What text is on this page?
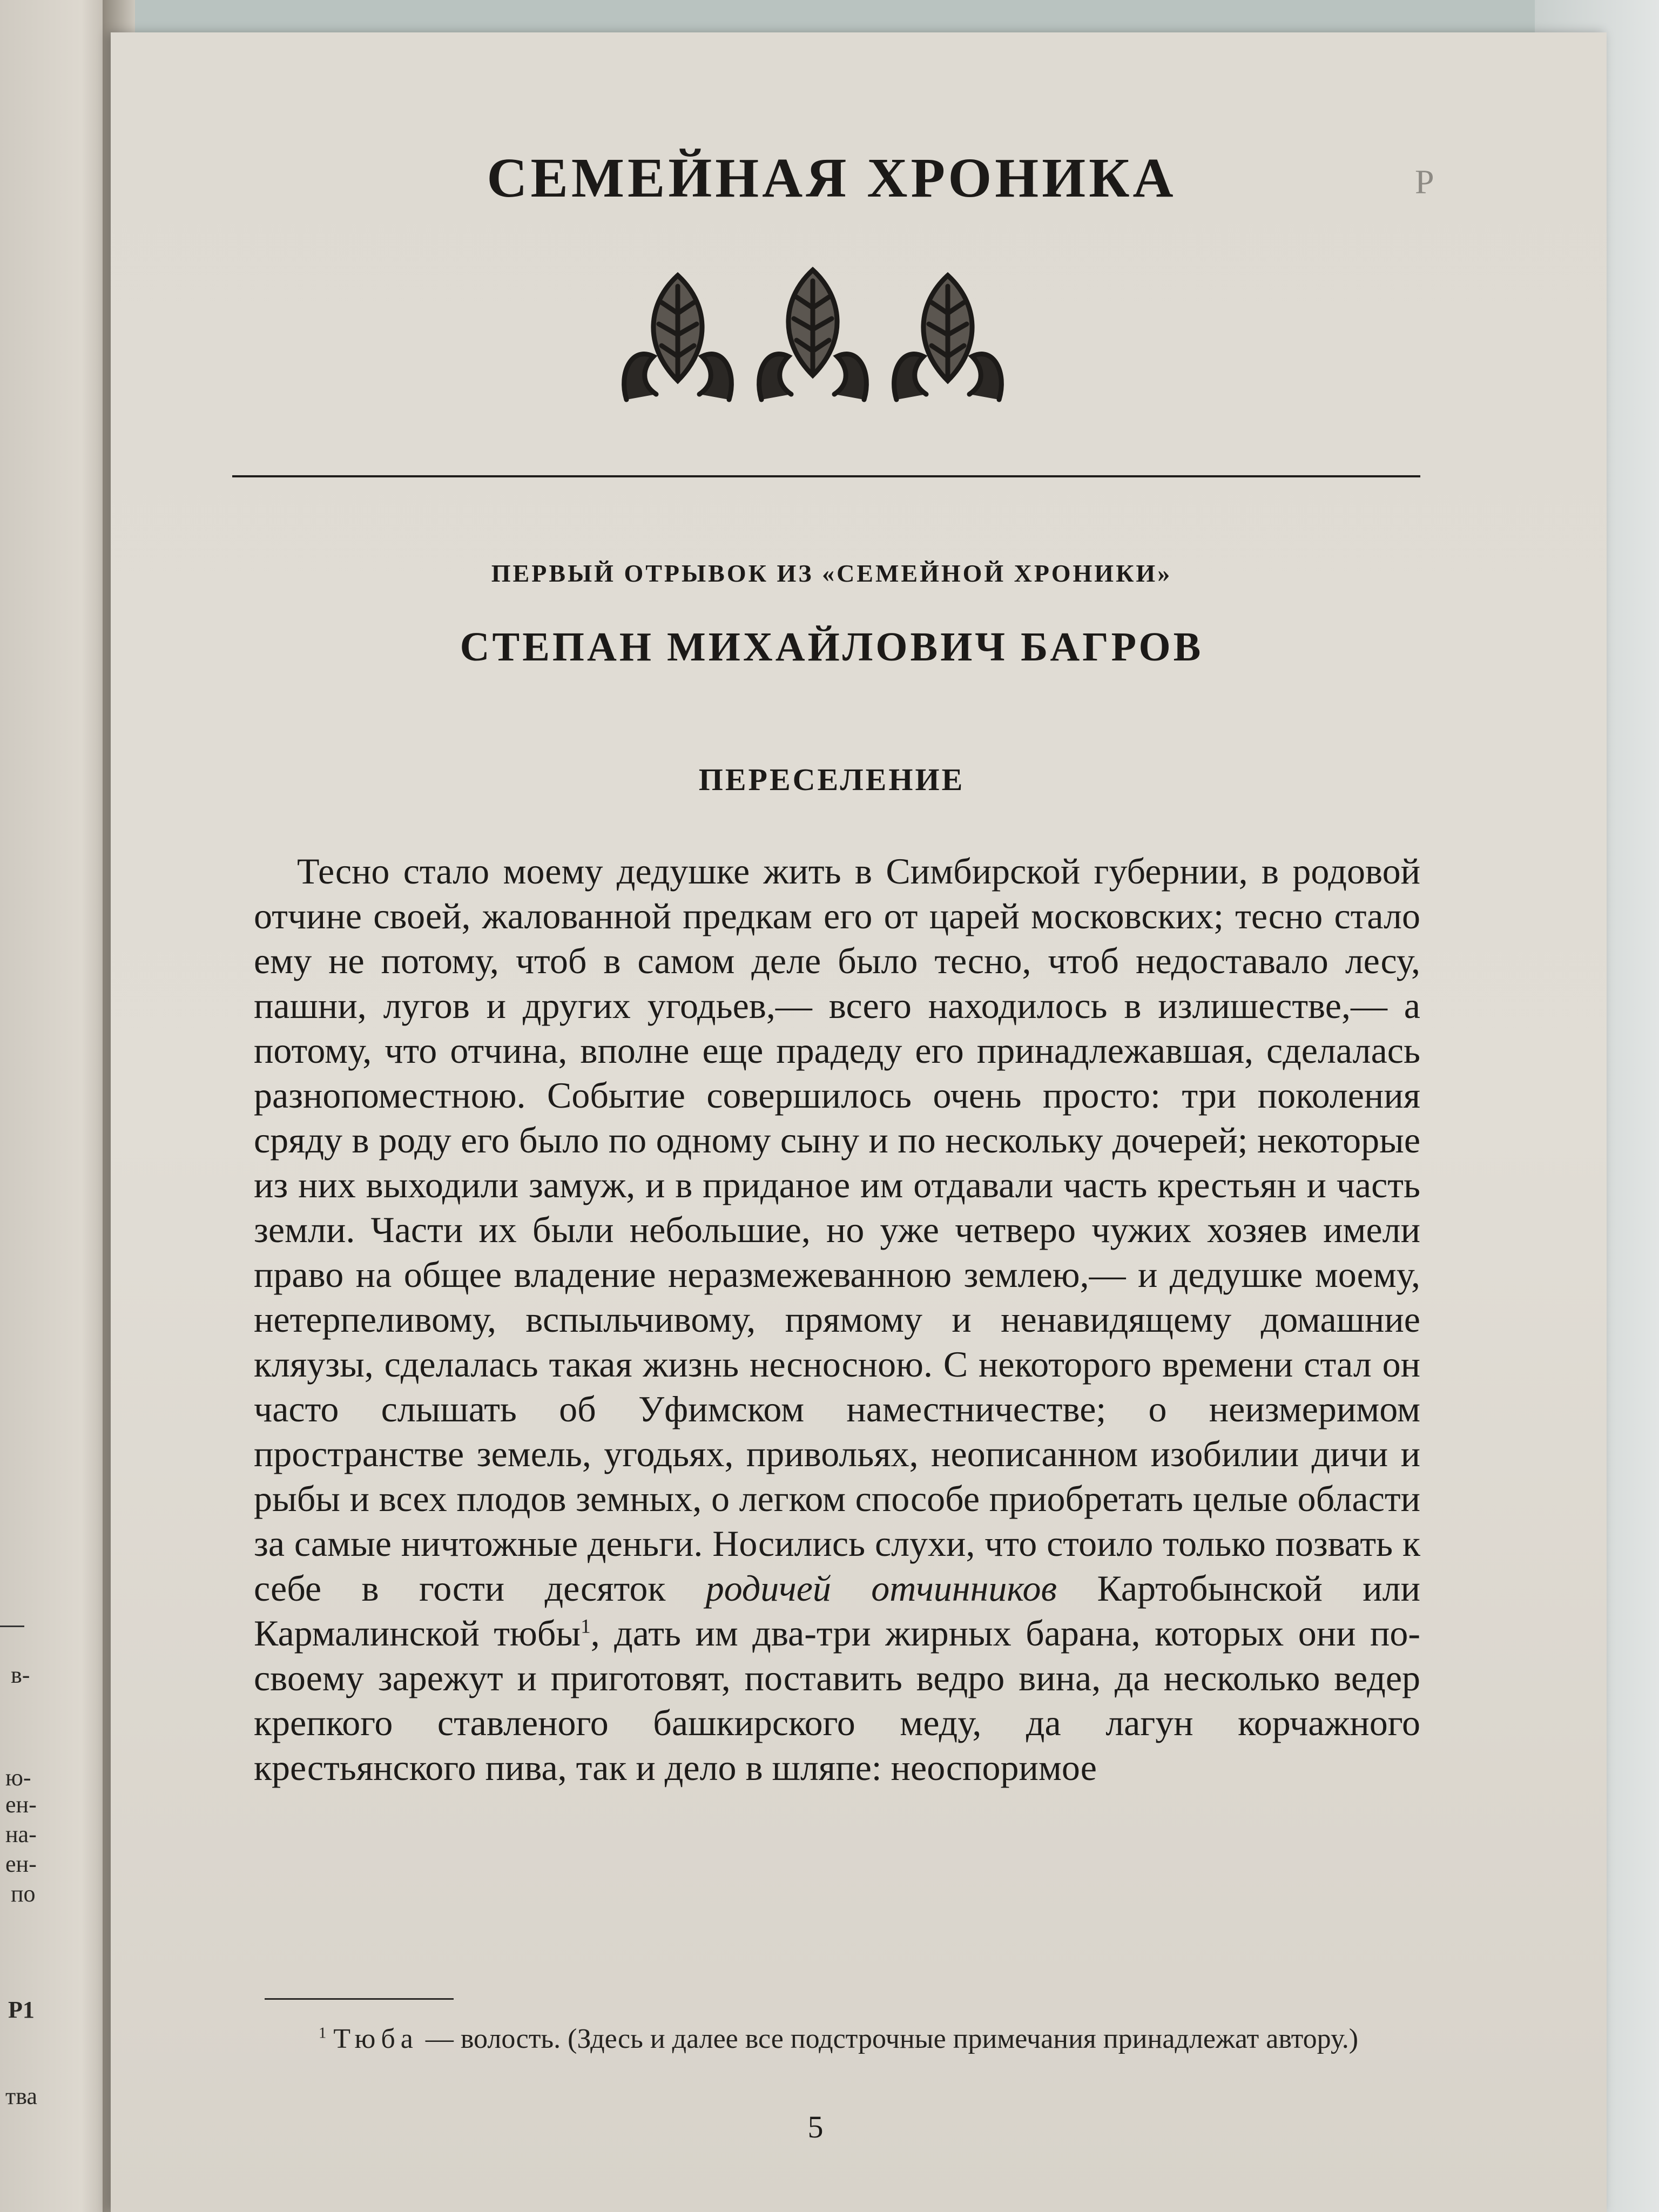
в-
ю-
ен-
на-
ен-
по
Р1
тва
Р
СЕМЕЙНАЯ ХРОНИКА
ПЕРВЫЙ ОТРЫВОК ИЗ «СЕМЕЙНОЙ ХРОНИКИ»
СТЕПАН МИХАЙЛОВИЧ БАГРОВ
ПЕРЕСЕЛЕНИЕ

Тесно стало моему дедушке жить в Симбирской губернии, в родовой отчине своей, жалованной предкам его от царей московских; тесно стало ему не потому, чтоб в самом деле было тесно, чтоб недоставало лесу, пашни, лугов и других угодьев,— всего находилось в излишестве,— а потому, что отчина, вполне еще прадеду его принадлежавшая, сделалась разнопоместною. Событие совершилось очень просто: три поколения сряду в роду его было по одному сыну и по нескольку дочерей; некоторые из них выходили замуж, и в приданое им отдавали часть крестьян и часть земли. Части их были небольшие, но уже четверо чужих хозяев имели право на общее владение неразмежеванною землею,— и дедушке моему, нетерпеливому, вспыльчивому, прямому и ненавидящему домашние кляузы, сделалась такая жизнь несносною. С некоторого времени стал он часто слышать об Уфимском наместничестве; о неизмеримом пространстве земель, угодьях, привольях, неописанном изобилии дичи и рыбы и всех плодов земных, о легком способе приобретать целые области за самые ничтожные деньги. Носились слухи, что стоило только позвать к себе в гости десяток родичей отчинников Картобынской или Кармалинской тюбы$^1$, дать им два-три жирных барана, которых они по-своему зарежут и приготовят, поставить ведро вина, да несколько ведер крепкого ставленого башкирского меду, да лагун корчажного крестьянского пива, так и дело в шляпе: неоспоримое

$^1$ Тюба — волость. (Здесь и далее все подстрочные примечания принадлежат автору.)

5
